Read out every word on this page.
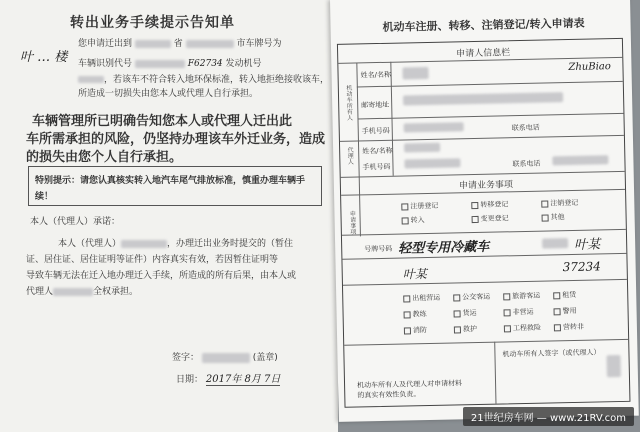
转出业务手续提示告知单
您申请迁出到	省	市车牌号为
叶 … 楼 车辆识别代号	F62734 发动机号
，若该车不符合转入地环保标准，转入地拒绝接收该车，
所造成一切损失由您本人或代理人自行承担。
车辆管理所已明确告知您本人或代理人迁出此
车所需承担的风险，仍坚持办理该车外迁业务，造成
的损失由您个人自行承担。
特别提示：请您认真核实转入地汽车尾气排放标准，慎重办理车辆手
续！
本人（代理人）承诺：
本人（代理人）	，办理迁出业务时提交的（暂住
证、居住证、居住证明等证件）内容真实有效，若因暂住证明等
导致车辆无法在迁入地办理迁入手续，所造成的所有后果，由本人或
代理人	全权承担。
签字：	(盖章)
日期： 2017年 8月 7日
机动车注册、转移、注销登记/转入申请表
申请人信息栏
机动车所有人
姓名/名称
ZhuBiao
邮寄地址
手机号码	联系电话
代理人 姓名/名称
手机号码	联系电话
申请业务事项
申请事项
注册登记	转移登记	注销登记
转入	变更登记	其他
号牌号码 轻型专用冷藏车	叶某
叶某
37234
出租营运	公交客运	旅游客运	租赁
教练	货运	非营运	警用
消防	救护	工程救险	营转非
机动车所有人及代理人对申请材料
的真实有效性负责。
机动车所有人签字（或代理人）
21世纪房车网 — www.21RV.com
